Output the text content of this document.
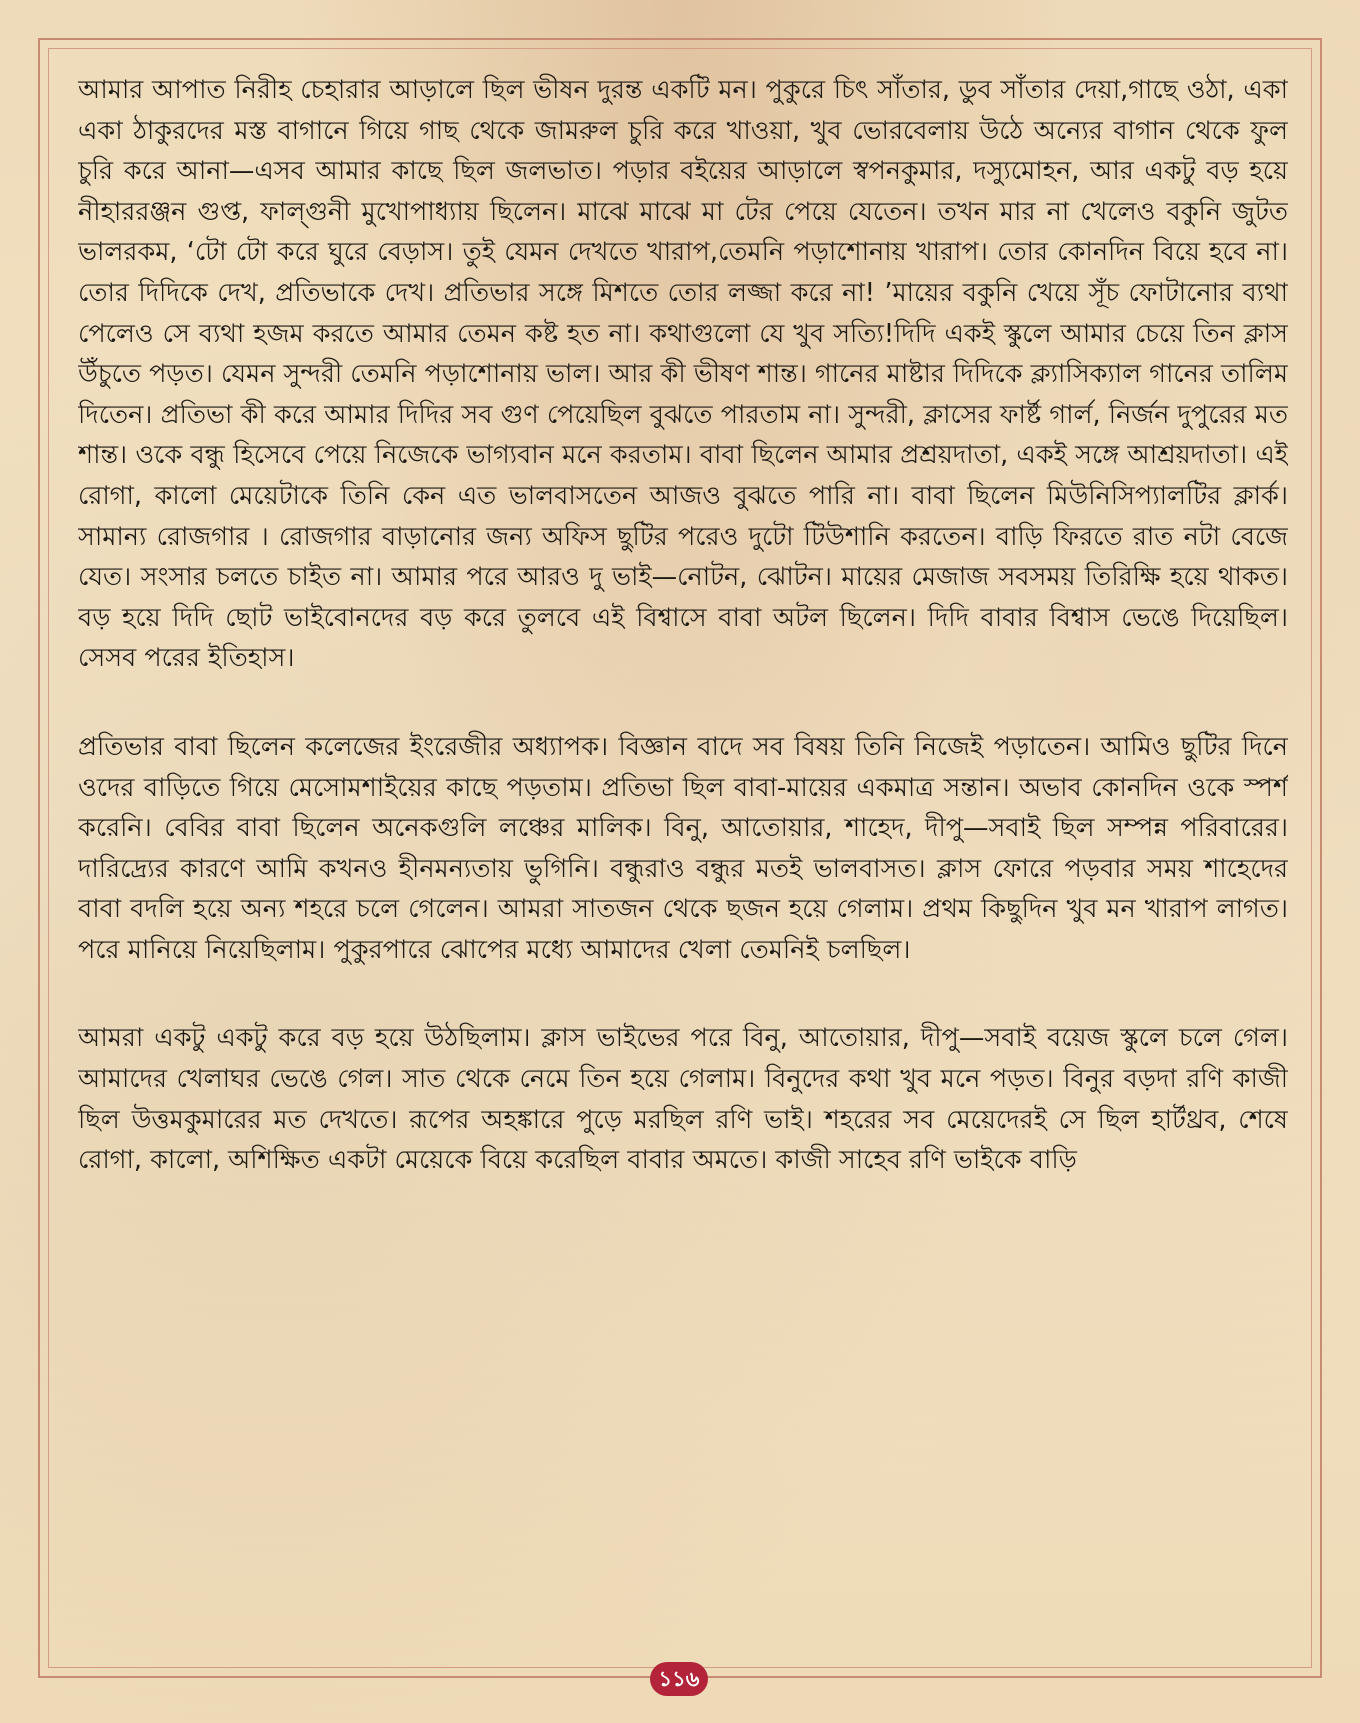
আমার আপাত নিরীহ চেহারার আড়ালে ছিল ভীষন দুরন্ত একটি মন। পুকুরে চিৎ সাঁতার, ডুব সাঁতার দেয়া,গাছে ওঠা, একা একা ঠাকুরদের মস্ত বাগানে গিয়ে গাছ থেকে জামরুল চুরি করে খাওয়া, খুব ভোরবেলায় উঠে অন্যের বাগান থেকে ফুল চুরি করে আনা—এসব আমার কাছে ছিল জলভাত। পড়ার বইয়ের আড়ালে স্বপনকুমার, দস্যুমোহন, আর একটু বড় হয়ে নীহাররঞ্জন গুপ্ত, ফাল্গুনী মুখোপাধ্যায় ছিলেন। মাঝে মাঝে মা টের পেয়ে যেতেন। তখন মার না খেলেও বকুনি জুটত ভালরকম, ‘টো টো করে ঘুরে বেড়াস। তুই যেমন দেখতে খারাপ,তেমনি পড়াশোনায় খারাপ। তোর কোনদিন বিয়ে হবে না। তোর দিদিকে দেখ, প্রতিভাকে দেখ। প্রতিভার সঙ্গে মিশতে তোর লজ্জা করে না! ’মায়ের বকুনি খেয়ে সূঁচ ফোটানোর ব্যথা পেলেও সে ব্যথা হজম করতে আমার তেমন কষ্ট হত না। কথাগুলো যে খুব সত্যি!দিদি একই স্কুলে আমার চেয়ে তিন ক্লাস উঁচুতে পড়ত। যেমন সুন্দরী তেমনি পড়াশোনায় ভাল। আর কী ভীষণ শান্ত। গানের মাষ্টার দিদিকে ক্ল্যাসিক্যাল গানের তালিম দিতেন। প্রতিভা কী করে আমার দিদির সব গুণ পেয়েছিল বুঝতে পারতাম না। সুন্দরী, ক্লাসের ফার্ষ্ট গার্ল, নির্জন দুপুরের মত শান্ত। ওকে বন্ধু হিসেবে পেয়ে নিজেকে ভাগ্যবান মনে করতাম। বাবা ছিলেন আমার প্রশ্রয়দাতা, একই সঙ্গে আশ্রয়দাতা। এই রোগা, কালো মেয়েটাকে তিনি কেন এত ভালবাসতেন আজও বুঝতে পারি না। বাবা ছিলেন মিউনিসিপ্যালটির ক্লার্ক। সামান্য রোজগার । রোজগার বাড়ানোর জন্য অফিস ছুটির পরেও দুটো টিউশানি করতেন। বাড়ি ফিরতে রাত নটা বেজে যেত। সংসার চলতে চাইত না। আমার পরে আরও দু ভাই—নোটন, ঝোটন। মায়ের মেজাজ সবসময় তিরিক্ষি হয়ে থাকত। বড় হয়ে দিদি ছোট ভাইবোনদের বড় করে তুলবে এই বিশ্বাসে বাবা অটল ছিলেন। দিদি বাবার বিশ্বাস ভেঙে দিয়েছিল। সেসব পরের ইতিহাস।

প্রতিভার বাবা ছিলেন কলেজের ইংরেজীর অধ্যাপক। বিজ্ঞান বাদে সব বিষয় তিনি নিজেই পড়াতেন। আমিও ছুটির দিনে ওদের বাড়িতে গিয়ে মেসোমশাইয়ের কাছে পড়তাম। প্রতিভা ছিল বাবা-মায়ের একমাত্র সন্তান। অভাব কোনদিন ওকে স্পর্শ করেনি। বেবির বাবা ছিলেন অনেকগুলি লঞ্চের মালিক। বিনু, আতোয়ার, শাহেদ, দীপু—সবাই ছিল সম্পন্ন পরিবারের। দারিদ্র্যের কারণে আমি কখনও হীনমন্যতায় ভুগিনি। বন্ধুরাও বন্ধুর মতই ভালবাসত। ক্লাস ফোরে পড়বার সময় শাহেদের বাবা বদলি হয়ে অন্য শহরে চলে গেলেন। আমরা সাতজন থেকে ছজন হয়ে গেলাম। প্রথম কিছুদিন খুব মন খারাপ লাগত। পরে মানিয়ে নিয়েছিলাম। পুকুরপারে ঝোপের মধ্যে আমাদের খেলা তেমনিই চলছিল।

আমরা একটু একটু করে বড় হয়ে উঠছিলাম। ক্লাস ভাইভের পরে বিনু, আতোয়ার, দীপু—সবাই বয়েজ স্কুলে চলে গেল। আমাদের খেলাঘর ভেঙে গেল। সাত থেকে নেমে তিন হয়ে গেলাম। বিনুদের কথা খুব মনে পড়ত। বিনুর বড়দা রণি কাজী ছিল উত্তমকুমারের মত দেখতে। রূপের অহঙ্কারে পুড়ে মরছিল রণি ভাই। শহরের সব মেয়েদেরই সে ছিল হার্টথ্রব, শেষে রোগা, কালো, অশিক্ষিত একটা মেয়েকে বিয়ে করেছিল বাবার অমতে। কাজী সাহেব রণি ভাইকে বাড়ি

১১৬
